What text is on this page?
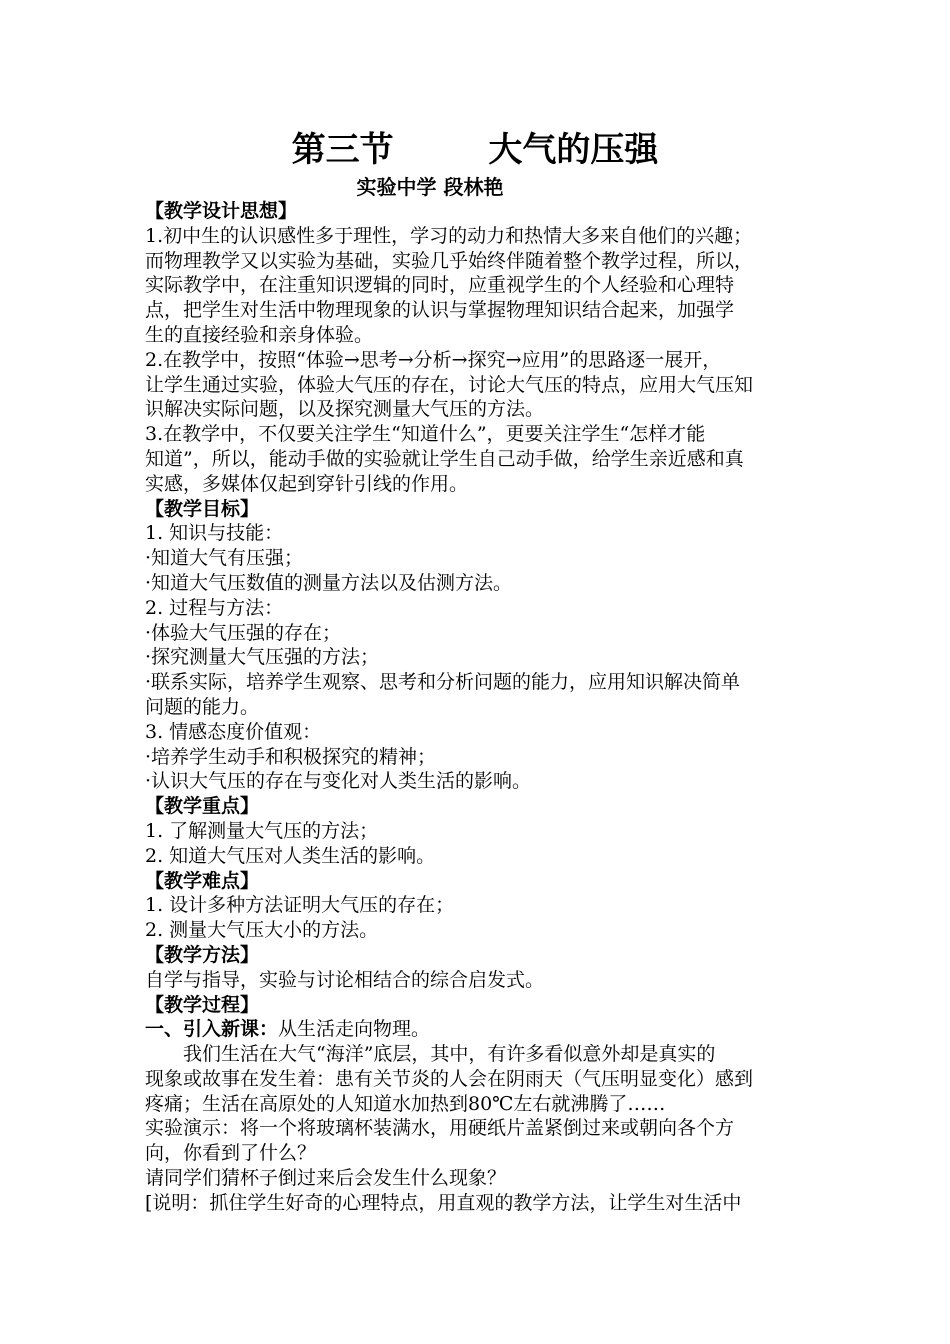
第三节        大气的压强
实验中学 段林艳
【教学设计思想】
1.初中生的认识感性多于理性，学习的动力和热情大多来自他们的兴趣；
而物理教学又以实验为基础，实验几乎始终伴随着整个教学过程，所以，
实际教学中，在注重知识逻辑的同时，应重视学生的个人经验和心理特
点，把学生对生活中物理现象的认识与掌握物理知识结合起来，加强学
生的直接经验和亲身体验。
2.在教学中，按照“体验→思考→分析→探究→应用”的思路逐一展开，
让学生通过实验，体验大气压的存在，讨论大气压的特点，应用大气压知
识解决实际问题，以及探究测量大气压的方法。
3.在教学中，不仅要关注学生“知道什么”，更要关注学生“怎样才能
知道”，所以，能动手做的实验就让学生自己动手做，给学生亲近感和真
实感，多媒体仅起到穿针引线的作用。
【教学目标】
1. 知识与技能：
·知道大气有压强；
·知道大气压数值的测量方法以及估测方法。
2. 过程与方法：
·体验大气压强的存在；
·探究测量大气压强的方法；
·联系实际，培养学生观察、思考和分析问题的能力，应用知识解决简单
问题的能力。
3. 情感态度价值观：
·培养学生动手和积极探究的精神；
·认识大气压的存在与变化对人类生活的影响。
【教学重点】
1. 了解测量大气压的方法；
2. 知道大气压对人类生活的影响。
【教学难点】
1. 设计多种方法证明大气压的存在；
2. 测量大气压大小的方法。
【教学方法】
自学与指导，实验与讨论相结合的综合启发式。
【教学过程】
一、引入新课：从生活走向物理。
我们生活在大气“海洋”底层，其中，有许多看似意外却是真实的
现象或故事在发生着：患有关节炎的人会在阴雨天（气压明显变化）感到
疼痛；生活在高原处的人知道水加热到80℃左右就沸腾了……
实验演示：将一个将玻璃杯装满水，用硬纸片盖紧倒过来或朝向各个方
向，你看到了什么？
请同学们猜杯子倒过来后会发生什么现象？
[说明：抓住学生好奇的心理特点，用直观的教学方法，让学生对生活中
